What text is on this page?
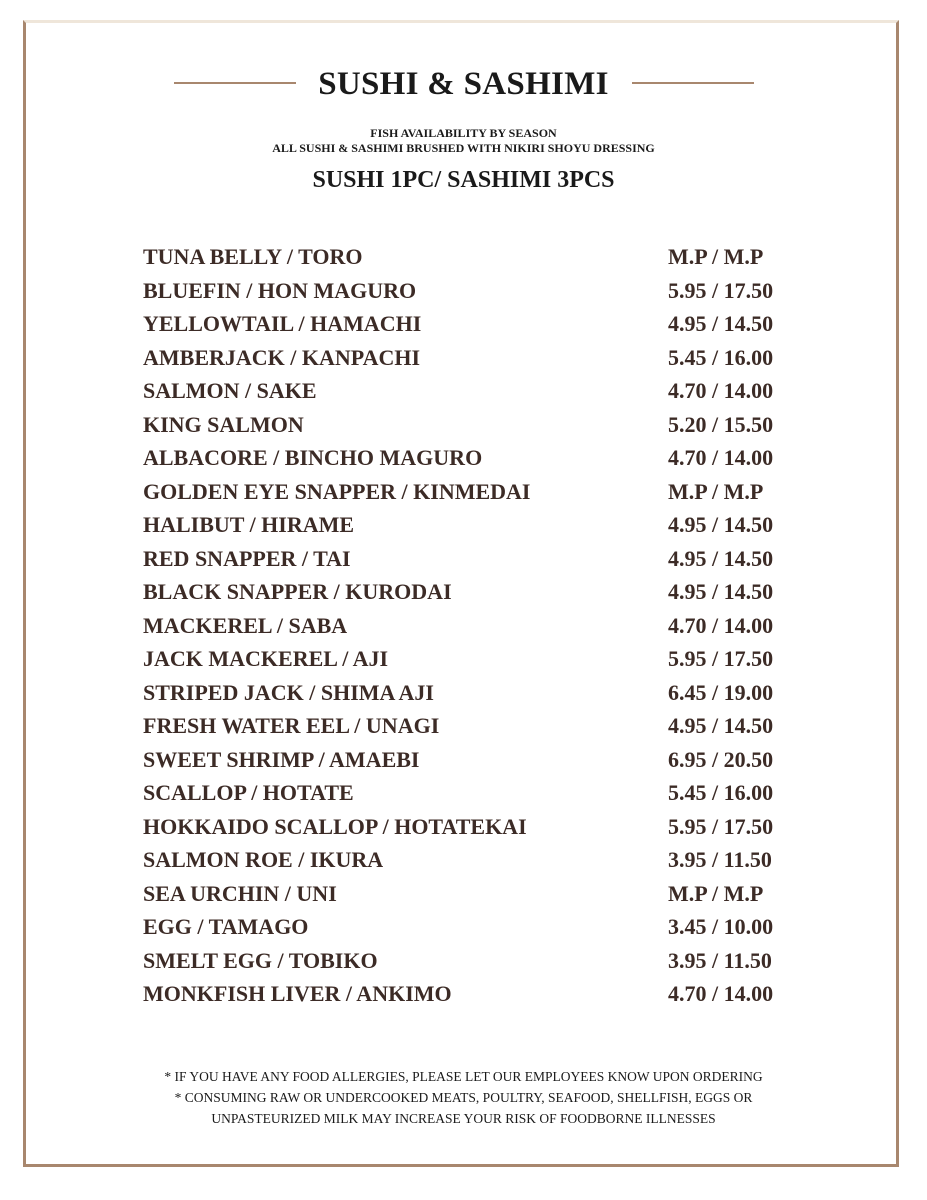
SUSHI & SASHIMI
FISH AVAILABILITY BY SEASON
ALL SUSHI & SASHIMI BRUSHED WITH NIKIRI SHOYU DRESSING
SUSHI 1PC/ SASHIMI 3PCS
TUNA BELLY / TORO	M.P / M.P
BLUEFIN / HON MAGURO	5.95 / 17.50
YELLOWTAIL / HAMACHI	4.95 / 14.50
AMBERJACK / KANPACHI	5.45 / 16.00
SALMON / SAKE	4.70 / 14.00
KING SALMON	5.20 / 15.50
ALBACORE / BINCHO MAGURO	4.70 / 14.00
GOLDEN EYE SNAPPER / KINMEDAI	M.P / M.P
HALIBUT / HIRAME	4.95 / 14.50
RED SNAPPER / TAI	4.95 / 14.50
BLACK SNAPPER / KURODAI	4.95 / 14.50
MACKEREL / SABA	4.70 / 14.00
JACK MACKEREL / AJI	5.95 / 17.50
STRIPED JACK / SHIMA AJI	6.45 / 19.00
FRESH WATER EEL / UNAGI	4.95 / 14.50
SWEET SHRIMP / AMAEBI	6.95 / 20.50
SCALLOP / HOTATE	5.45 / 16.00
HOKKAIDO SCALLOP / HOTATEKAI	5.95 / 17.50
SALMON ROE / IKURA	3.95 / 11.50
SEA URCHIN / UNI	M.P / M.P
EGG / TAMAGO	3.45 / 10.00
SMELT EGG / TOBIKO	3.95 / 11.50
MONKFISH LIVER / ANKIMO	4.70 / 14.00
* IF YOU HAVE ANY FOOD ALLERGIES, PLEASE LET OUR EMPLOYEES KNOW UPON ORDERING
* CONSUMING RAW OR UNDERCOOKED MEATS, POULTRY, SEAFOOD, SHELLFISH, EGGS OR
UNPASTEURIZED MILK MAY INCREASE YOUR RISK OF FOODBORNE ILLNESSES
